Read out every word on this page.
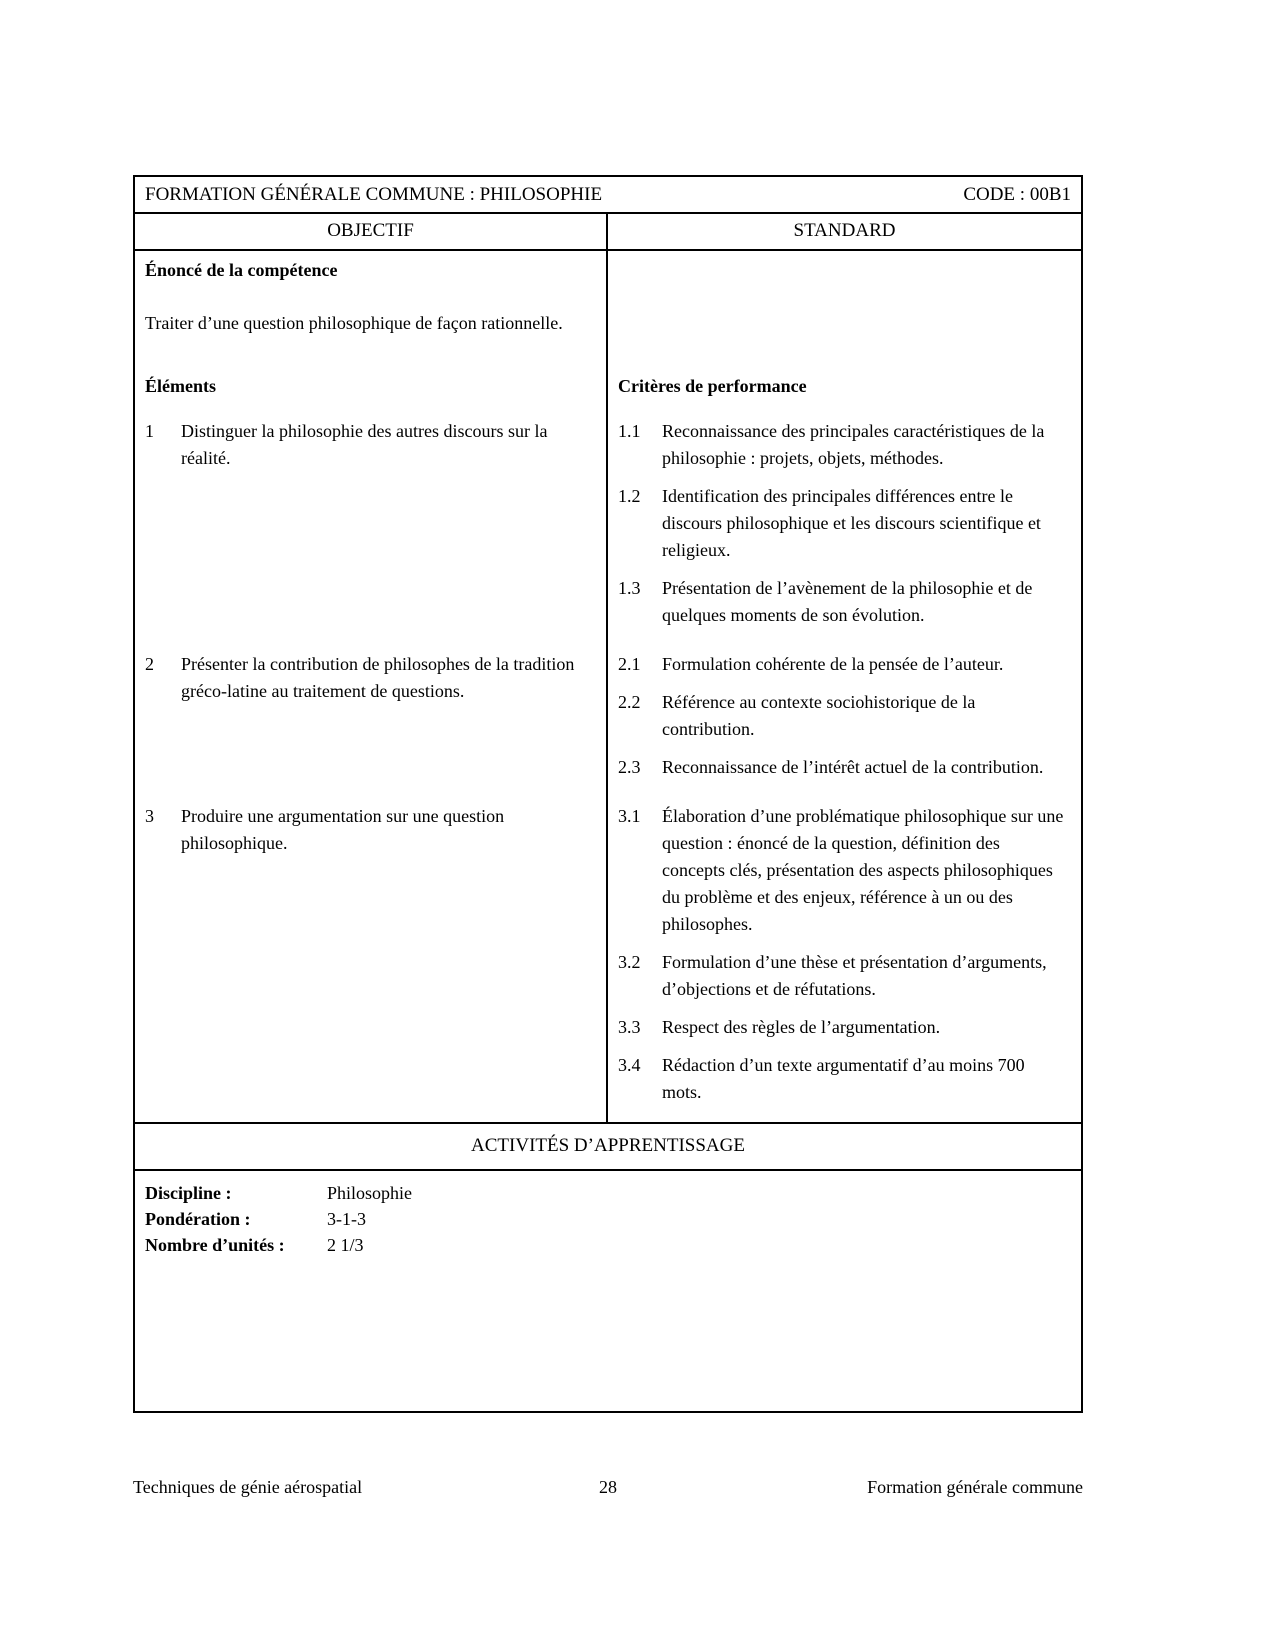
FORMATION GÉNÉRALE COMMUNE : PHILOSOPHIE	CODE : 00B1
OBJECTIF	STANDARD
Énoncé de la compétence
Traiter d’une question philosophique de façon rationnelle.
Éléments	Critères de performance
1	Distinguer la philosophie des autres discours sur la réalité.
1.1	Reconnaissance des principales caractéristiques de la philosophie : projets, objets, méthodes.
1.2	Identification des principales différences entre le discours philosophique et les discours scientifique et religieux.
1.3	Présentation de l’avènement de la philosophie et de quelques moments de son évolution.
2	Présenter la contribution de philosophes de la tradition gréco-latine au traitement de questions.
2.1	Formulation cohérente de la pensée de l’auteur.
2.2	Référence au contexte sociohistorique de la contribution.
2.3	Reconnaissance de l’intérêt actuel de la contribution.
3	Produire une argumentation sur une question philosophique.
3.1	Élaboration d’une problématique philosophique sur une question : énoncé de la question, définition des concepts clés, présentation des aspects philosophiques du problème et des enjeux, référence à un ou des philosophes.
3.2	Formulation d’une thèse et présentation d’arguments, d’objections et de réfutations.
3.3	Respect des règles de l’argumentation.
3.4	Rédaction d’un texte argumentatif d’au moins 700 mots.
ACTIVITÉS D’APPRENTISSAGE
Discipline :	Philosophie
Pondération :	3-1-3
Nombre d’unités :	2 1/3
Techniques de génie aérospatial	28	Formation générale commune
